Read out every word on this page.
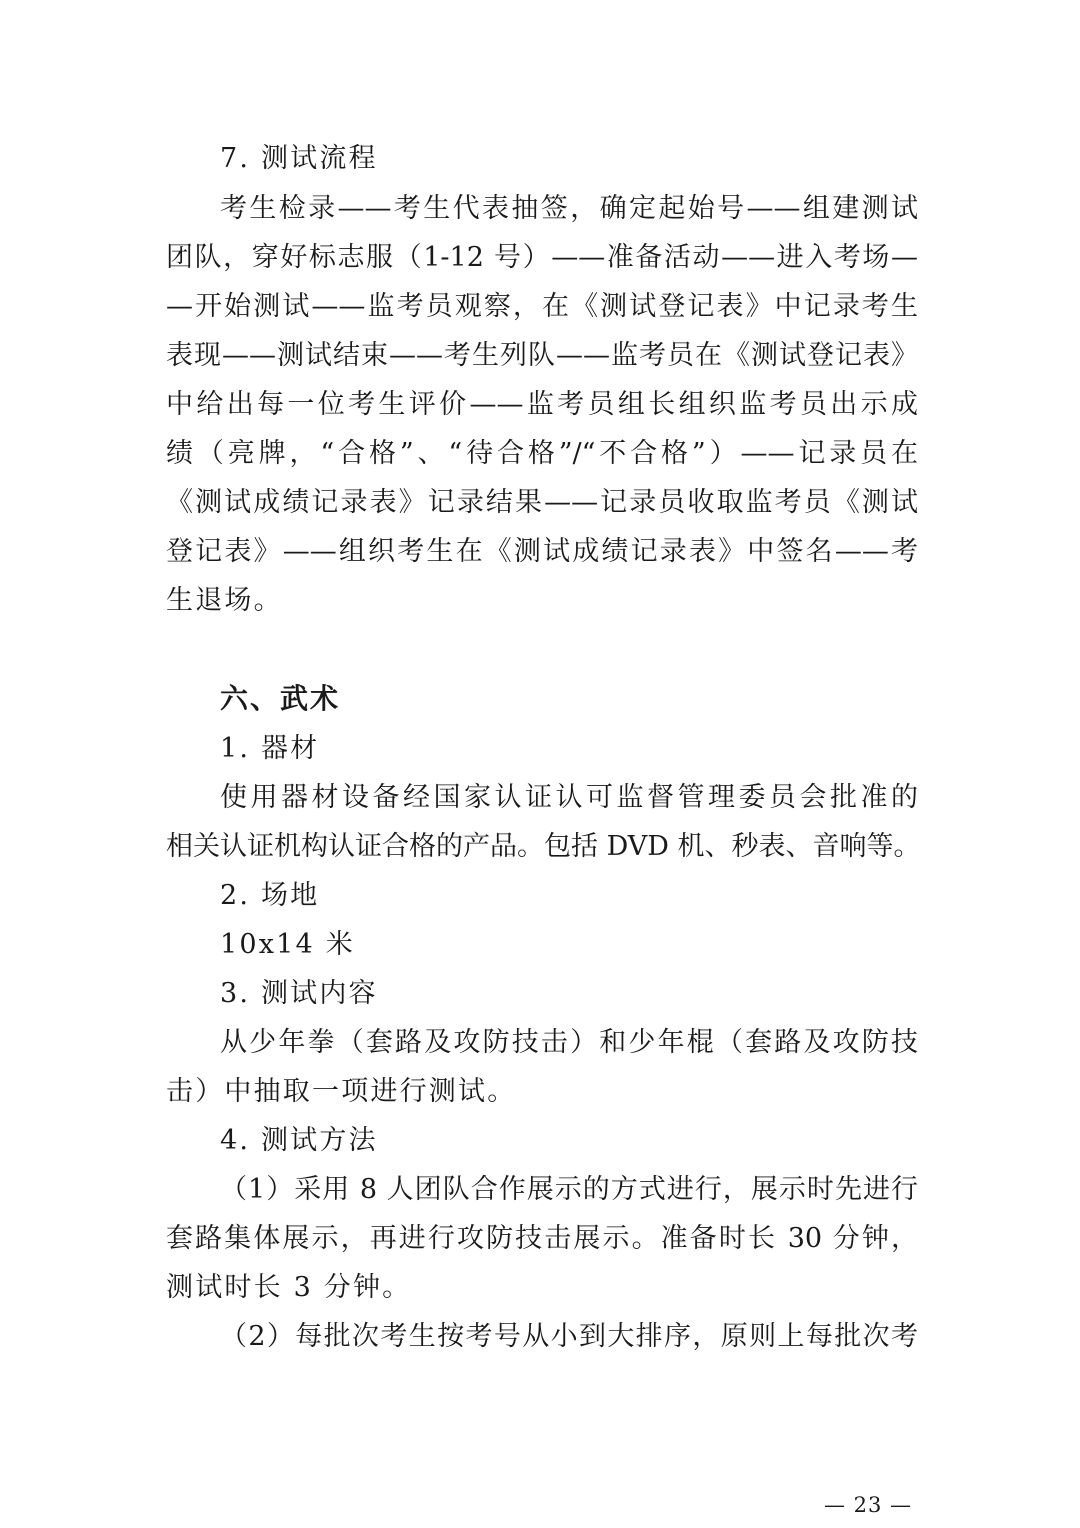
7. 测试流程
考生检录——考生代表抽签，确定起始号——组建测试
团队，穿好标志服（1-12 号）——准备活动——进入考场—
—开始测试——监考员观察，在《测试登记表》中记录考生
表现——测试结束——考生列队——监考员在《测试登记表》
中给出每一位考生评价——监考员组长组织监考员出示成
绩（亮牌，“合格”、“待合格”/“不合格”）——记录员在
《测试成绩记录表》记录结果——记录员收取监考员《测试
登记表》——组织考生在《测试成绩记录表》中签名——考
生退场。
六、武术
1. 器材
使用器材设备经国家认证认可监督管理委员会批准的
相关认证机构认证合格的产品。包括 DVD 机、秒表、音响等。
2. 场地
10x14 米
3. 测试内容
从少年拳（套路及攻防技击）和少年棍（套路及攻防技
击）中抽取一项进行测试。
4. 测试方法
（1）采用 8 人团队合作展示的方式进行，展示时先进行
套路集体展示，再进行攻防技击展示。准备时长 30 分钟，
测试时长 3 分钟。
（2）每批次考生按考号从小到大排序，原则上每批次考
— 23 —
